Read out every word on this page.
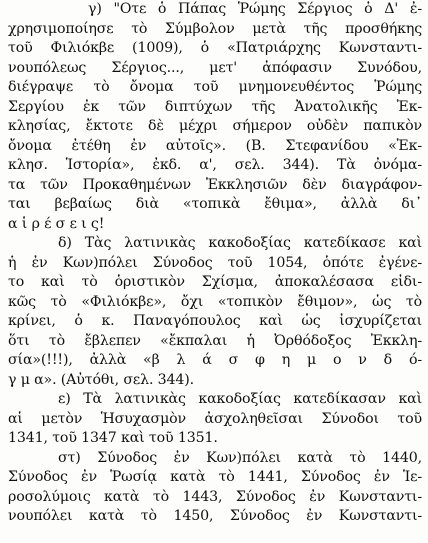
γ) "Οτε ὁ Πάπας Ῥώμης Σέργιος ὁ Δ' ἐ-
χρησιμοποίησε τὸ Σύμβολον μετὰ τῆς προσθήκης
τοῦ Φιλιόκβε (1009), ὁ «Πατριάρχης Κωνσταντι-
νουπόλεως Σέργιος..., μετ' ἀπόφασιν Συνόδου,
διέγραψε τὸ ὄνομα τοῦ μνημονευθέντος Ῥώμης
Σεργίου ἐκ τῶν διπτύχων τῆς Ἀνατολικῆς Ἐκ-
κλησίας, ἔκτοτε δὲ μέχρι σήμερον οὐδὲν παπικὸν
ὄνομα ἐτέθη ἐν αὐτοῖς». (Β. Στεφανίδου «Ἐκ-
κλησ. Ἱστορία», ἐκδ. α', σελ. 344). Τὰ ὀνόμα-
τα τῶν Προκαθημένων Ἐκκλησιῶν δὲν διαγράφον-
ται βεβαίως διὰ «τοπικὰ ἔθιμα», ἀλλὰ δι᾽
α ἱ ρ έ σ ε ι ς!
δ) Τὰς λατινικὰς κακοδοξίας κατεδίκασε καὶ
ἡ ἐν Κων)πόλει Σύνοδος τοῦ 1054, ὁπότε ἐγένε-
το καὶ τὸ ὁριστικὸν Σχίσμα, ἀποκαλέσασα εἰδι-
κῶς τὸ «Φιλιόκβε», ὄχι «τοπικὸν ἔθιμον», ὡς τὸ
κρίνει, ὁ κ. Παναγόπουλος καὶ ὡς ἰσχυρίζεται
ὅτι τὸ ἔβλεπεν «ἔκπαλαι ἡ Ὀρθόδοξος Ἐκκλη-
σία»(!!!), ἀλλὰ «β λ ά σ φ η μ ο ν δ ό-
γ μ α». (Αὐτόθι, σελ. 344).
ε) Τὰ λατινικὰς κακοδοξίας κατεδίκασαν καὶ
αἱ μετὸν Ἡσυχασμὸν ἀσχοληθεῖσαι Σύνοδοι τοῦ
1341, τοῦ 1347 καὶ τοῦ 1351.
στ) Σύνοδος ἐν Κων)πόλει κατὰ τὸ 1440,
Σύνοδος ἐν Ῥωσίᾳ κατὰ τὸ 1441, Σύνοδος ἐν Ἱε-
ροσολύμοις κατὰ τὸ 1443, Σύνοδος ἐν Κωνσταντι-
νουπόλει κατὰ τὸ 1450, Σύνοδος ἐν Κωνσταντι-
